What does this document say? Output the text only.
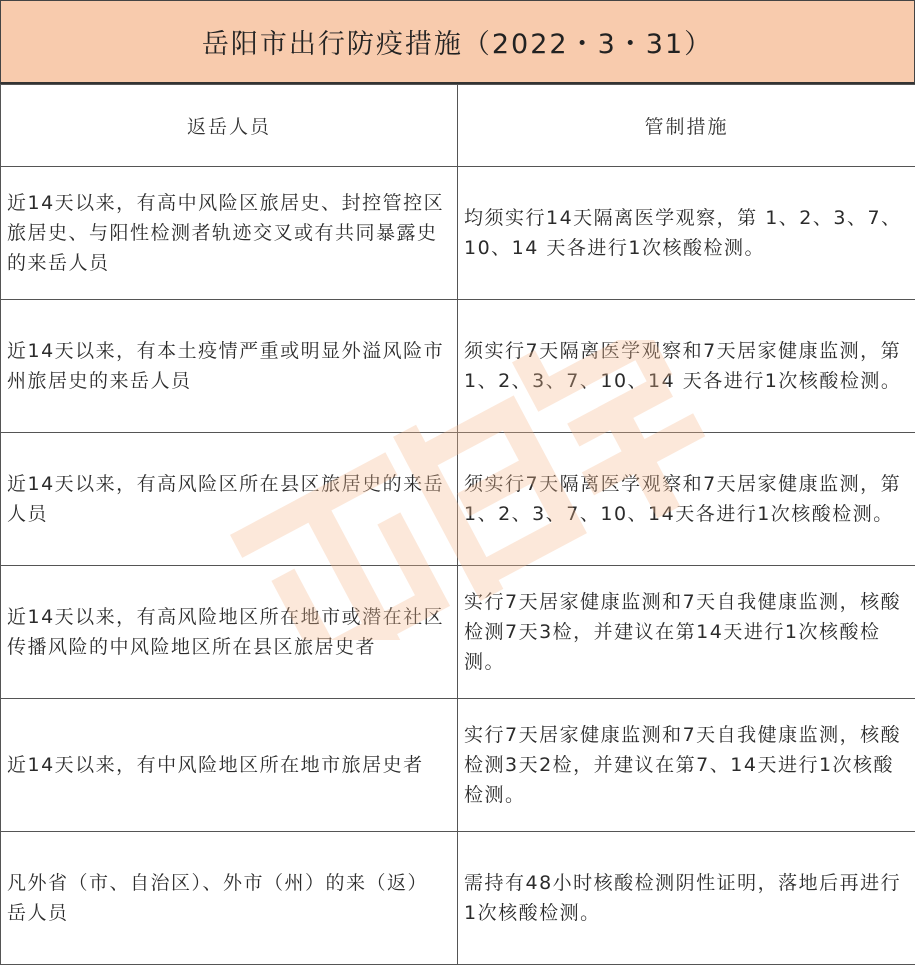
岳阳市出行防疫措施（2022・3・31）
返岳人员	管制措施
近14天以来，有高中风险区旅居史、封控管控区旅居史、与阳性检测者轨迹交叉或有共同暴露史的来岳人员	均须实行14天隔离医学观察，第 1、2、3、7、10、14 天各进行1次核酸检测。
近14天以来，有本土疫情严重或明显外溢风险市州旅居史的来岳人员	须实行7天隔离医学观察和7天居家健康监测，第 1、2、3、7、10、14 天各进行1次核酸检测。
近14天以来，有高风险区所在县区旅居史的来岳人员	须实行7天隔离医学观察和7天居家健康监测，第1、2、3、7、10、14天各进行1次核酸检测。
近14天以来，有高风险地区所在地市或潜在社区传播风险的中风险地区所在县区旅居史者	实行7天居家健康监测和7天自我健康监测，核酸检测7天3检，并建议在第14天进行1次核酸检测。
近14天以来，有中风险地区所在地市旅居史者	实行7天居家健康监测和7天自我健康监测，核酸检测3天2检，并建议在第7、14天进行1次核酸检测。
凡外省（市、自治区）、外市（州）的来（返）岳人员	需持有48小时核酸检测阴性证明，落地后再进行1次核酸检测。
